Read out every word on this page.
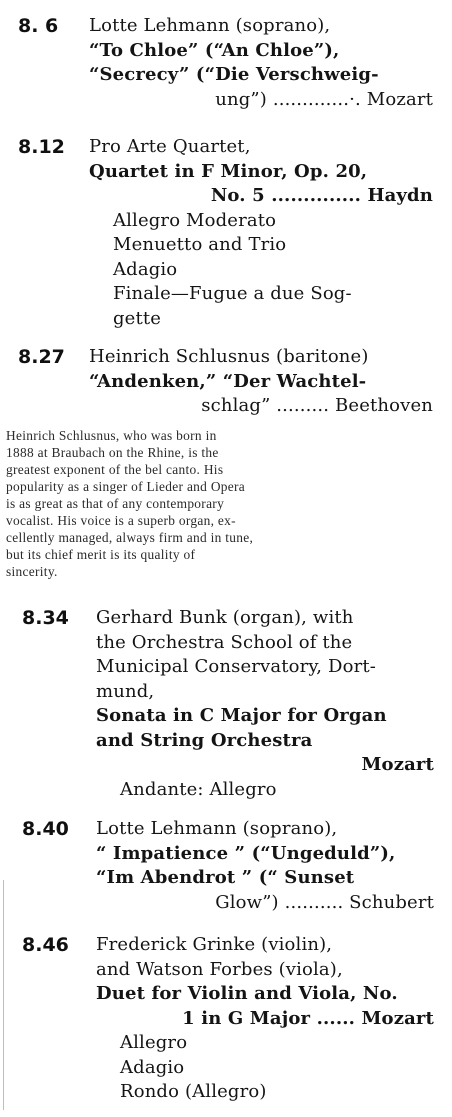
8. 6 Lotte Lehmann (soprano),
“To Chloe” (“An Chloe”),
“Secrecy” (“Die Verschweig-
ung”) .............·. Mozart
8.12 Pro Arte Quartet,
Quartet in F Minor, Op. 20,
No. 5 .............. Haydn
Allegro Moderato
Menuetto and Trio
Adagio
Finale—Fugue a due Sog-
gette
8.27 Heinrich Schlusnus (baritone)
“Andenken,” “Der Wachtel-
schlag” ......... Beethoven
Heinrich Schlusnus, who was born in
1888 at Braubach on the Rhine, is the
greatest exponent of the bel canto. His
popularity as a singer of Lieder and Opera
is as great as that of any contemporary
vocalist. His voice is a superb organ, ex-
cellently managed, always firm and in tune,
but its chief merit is its quality of
sincerity.
8.34 Gerhard Bunk (organ), with
the Orchestra School of the
Municipal Conservatory, Dort-
mund,
Sonata in C Major for Organ
and String Orchestra
Mozart
Andante: Allegro
8.40 Lotte Lehmann (soprano),
“ Impatience ” (“Ungeduld”),
“Im Abendrot ” (“ Sunset
Glow”) .......... Schubert
8.46 Frederick Grinke (violin),
and Watson Forbes (viola),
Duet for Violin and Viola, No.
1 in G Major ...... Mozart
Allegro
Adagio
Rondo (Allegro)
